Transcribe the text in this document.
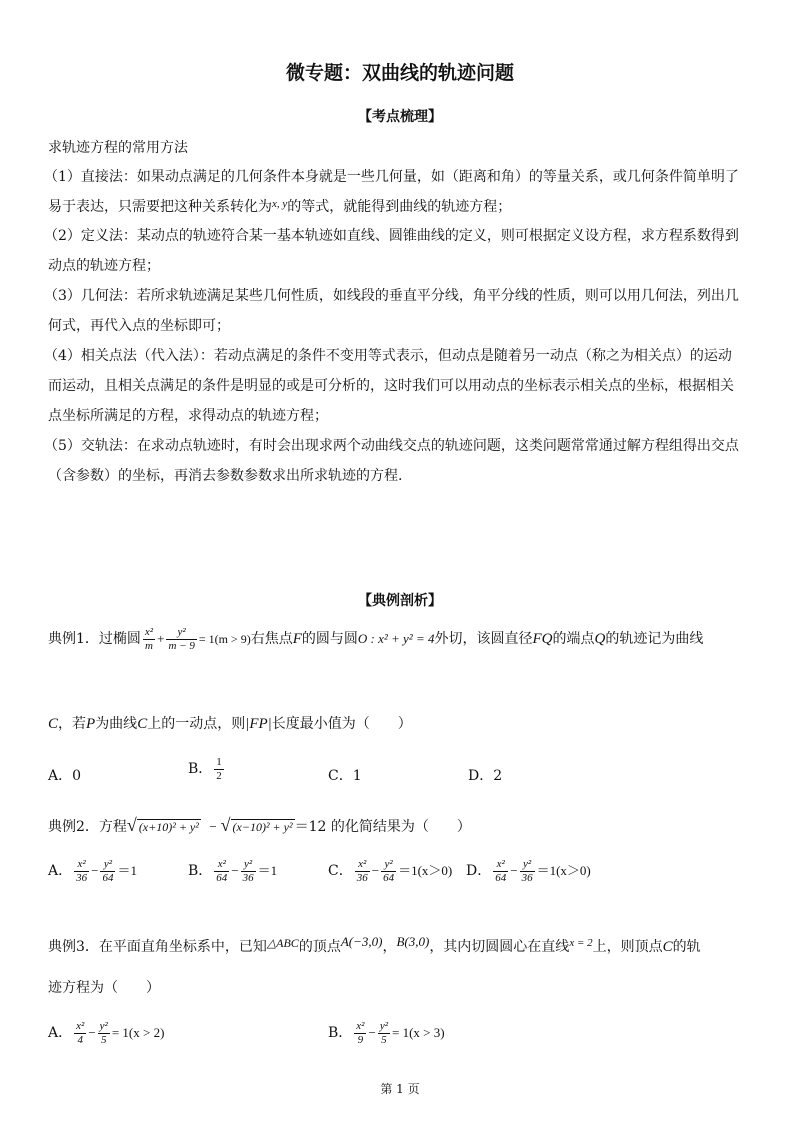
微专题：双曲线的轨迹问题
【考点梳理】
求轨迹方程的常用方法
（1）直接法：如果动点满足的几何条件本身就是一些几何量，如（距离和角）的等量关系，或几何条件简单明了
易于表达，只需要把这种关系转化为$^{x, y}$的等式，就能得到曲线的轨迹方程；
（2）定义法：某动点的轨迹符合某一基本轨迹如直线、圆锥曲线的定义，则可根据定义设方程，求方程系数得到
动点的轨迹方程；
（3）几何法：若所求轨迹满足某些几何性质，如线段的垂直平分线，角平分线的性质，则可以用几何法，列出几
何式，再代入点的坐标即可；
（4）相关点法（代入法）：若动点满足的条件不变用等式表示，但动点是随着另一动点（称之为相关点）的运动
而运动，且相关点满足的条件是明显的或是可分析的，这时我们可以用动点的坐标表示相关点的坐标，根据相关
点坐标所满足的方程，求得动点的轨迹方程；
（5）交轨法：在求动点轨迹时，有时会出现求两个动曲线交点的轨迹问题，这类问题常常通过解方程组得出交点
（含参数）的坐标，再消去参数参数求出所求轨迹的方程.
【典例剖析】
典例1．过椭圆 $\frac{\text{x²}}{m} + \frac{\text{y²}}{m - 9} = 1(m > 9)$右焦点F的圆与圆O : x² + y² = 4外切，该圆直径FQ的端点Q的轨迹记为曲线
C，若P为曲线C上的一动点，则|FP|长度最小值为（　　）
A．0	B． $\frac{1}{2}$	C．1	D．2
典例2．方程√ (x+10)² + y² − √ (x−10)² + y² ＝12 的化简结果为（　　）
A． $\frac{\text{x²}}{36} - \frac{\text{y²}}{64} =1$	B． $\frac{\text{x²}}{64} - \frac{\text{y²}}{36} =1$	C． $\frac{\text{x²}}{36} - \frac{\text{y²}}{64} =1(x>0)$ D． $\frac{\text{x²}}{64} - \frac{\text{y²}}{36} =1(x>0)$
典例3．在平面直角坐标系中，已知△ABC的顶点A(−3,0)，B(3,0)，其内切圆圆心在直线$^{x = 2}$上，则顶点C的轨
迹方程为（　　）
A． $\frac{\text{x²}}{4} - \frac{\text{y²}}{5} = 1(x > 2)$	B． $\frac{\text{x²}}{9} - \frac{\text{y²}}{5} = 1(x > 3)$
第 1 页
